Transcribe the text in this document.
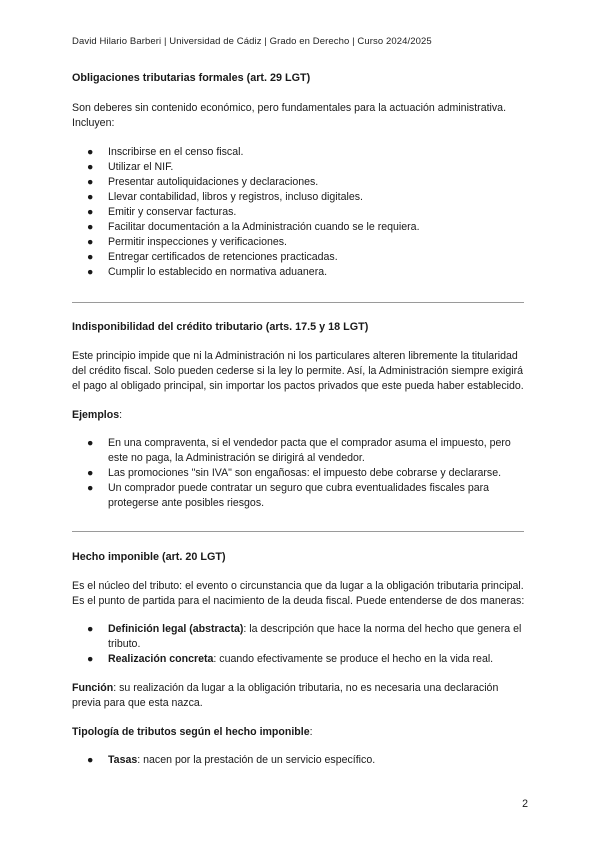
David Hilario Barberi | Universidad de Cádiz | Grado en Derecho | Curso 2024/2025
Obligaciones tributarias formales (art. 29 LGT)

Son deberes sin contenido económico, pero fundamentales para la actuación administrativa. Incluyen:

● Inscribirse en el censo fiscal.
● Utilizar el NIF.
● Presentar autoliquidaciones y declaraciones.
● Llevar contabilidad, libros y registros, incluso digitales.
● Emitir y conservar facturas.
● Facilitar documentación a la Administración cuando se le requiera.
● Permitir inspecciones y verificaciones.
● Entregar certificados de retenciones practicadas.
● Cumplir lo establecido en normativa aduanera.
Indisponibilidad del crédito tributario (arts. 17.5 y 18 LGT)

Este principio impide que ni la Administración ni los particulares alteren libremente la titularidad del crédito fiscal. Solo pueden cederse si la ley lo permite. Así, la Administración siempre exigirá el pago al obligado principal, sin importar los pactos privados que este pueda haber establecido.

Ejemplos:

● En una compraventa, si el vendedor pacta que el comprador asuma el impuesto, pero este no paga, la Administración se dirigirá al vendedor.
● Las promociones "sin IVA" son engañosas: el impuesto debe cobrarse y declararse.
● Un comprador puede contratar un seguro que cubra eventualidades fiscales para protegerse ante posibles riesgos.
Hecho imponible (art. 20 LGT)

Es el núcleo del tributo: el evento o circunstancia que da lugar a la obligación tributaria principal. Es el punto de partida para el nacimiento de la deuda fiscal. Puede entenderse de dos maneras:

● Definición legal (abstracta): la descripción que hace la norma del hecho que genera el tributo.
● Realización concreta: cuando efectivamente se produce el hecho en la vida real.

Función: su realización da lugar a la obligación tributaria, no es necesaria una declaración previa para que esta nazca.

Tipología de tributos según el hecho imponible:

● Tasas: nacen por la prestación de un servicio específico.
2
